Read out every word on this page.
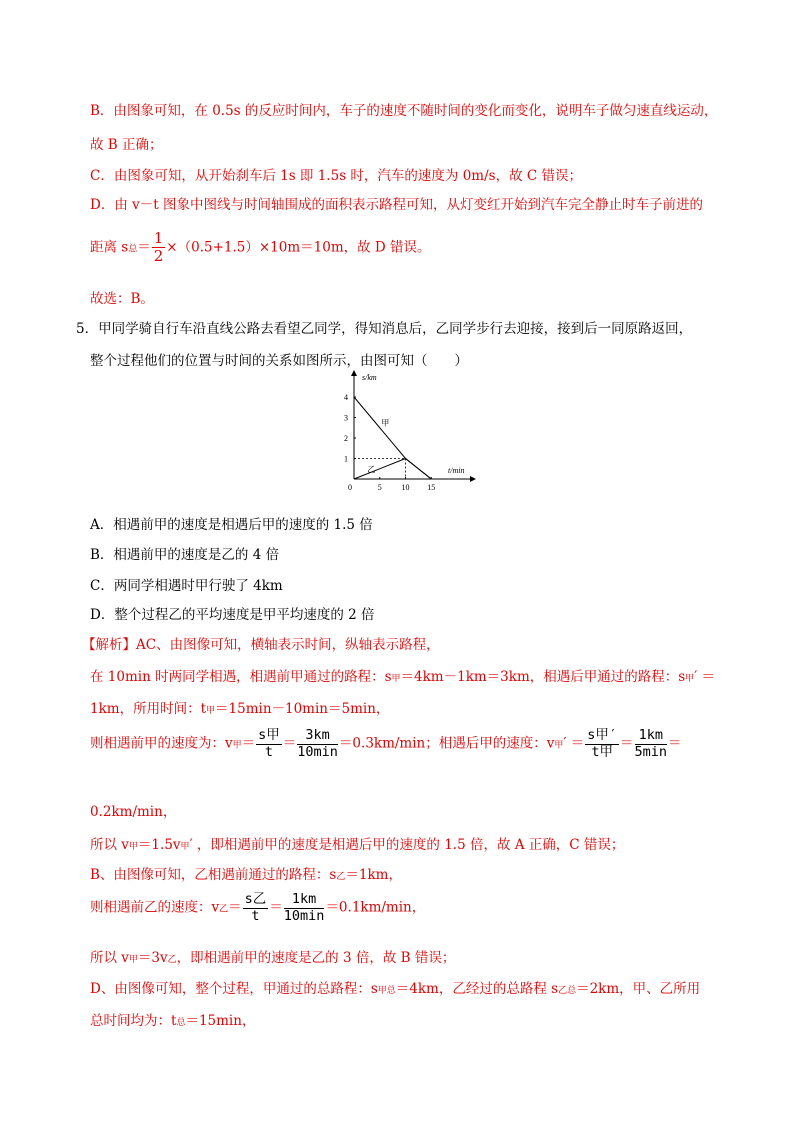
B．由图象可知，在 0.5s 的反应时间内，车子的速度不随时间的变化而变化，说明车子做匀速直线运动，
故 B 正确；
C．由图象可知，从开始刹车后 1s 即 1.5s 时，汽车的速度为 0m/s，故 C 错误；
D．由 v－t 图象中图线与时间轴围成的面积表示路程可知，从灯变红开始到汽车完全静止时车子前进的
距离 s总＝ $\frac{1}{2} \times(0.5+1.5)\times 10m=10m$，故 D 错误。
故选：B。
5．甲同学骑自行车沿直线公路去看望乙同学，得知消息后，乙同学步行去迎接，接到后一同原路返回，
整个过程他们的位置与时间的关系如图所示，由图可知（　　）
s/km
t/min
0	5 10 15
1
2
3
4
甲
乙
A．相遇前甲的速度是相遇后甲的速度的 1.5 倍
B．相遇前甲的速度是乙的 4 倍
C．两同学相遇时甲行驶了 4km
D．整个过程乙的平均速度是甲平均速度的 2 倍
【解析】AC、由图像可知，横轴表示时间，纵轴表示路程，
在 10min 时两同学相遇，相遇前甲通过的路程：s甲＝4km－1km＝3km，相遇后甲通过的路程：s甲′ ＝
1km，所用时间：t甲＝15min－10min＝5min，
则相遇前甲的速度为：v甲＝ $\frac{\text{s甲}}{t} = \frac{3km}{10\min} =0.3km/\min$；相遇后甲的速度：v甲′ ＝ $\frac{\text{s甲′}}{\text{t甲}} = \frac{1km}{5\min}$ ＝
0.2km/min，
所以 v甲＝1.5v甲′ ，即相遇前甲的速度是相遇后甲的速度的 1.5 倍，故 A 正确，C 错误；
B、由图像可知，乙相遇前通过的路程：s乙＝1km，
则相遇前乙的速度：v乙＝ $\frac{\text{s乙}}{t} = \frac{1km}{10\min} =0.1km/\min$，
所以 v甲＝3v乙，即相遇前甲的速度是乙的 3 倍，故 B 错误；
D、由图像可知，整个过程，甲通过的总路程：s甲总＝4km，乙经过的总路程 s乙总＝2km，甲、乙所用
总时间均为：t总＝15min，
